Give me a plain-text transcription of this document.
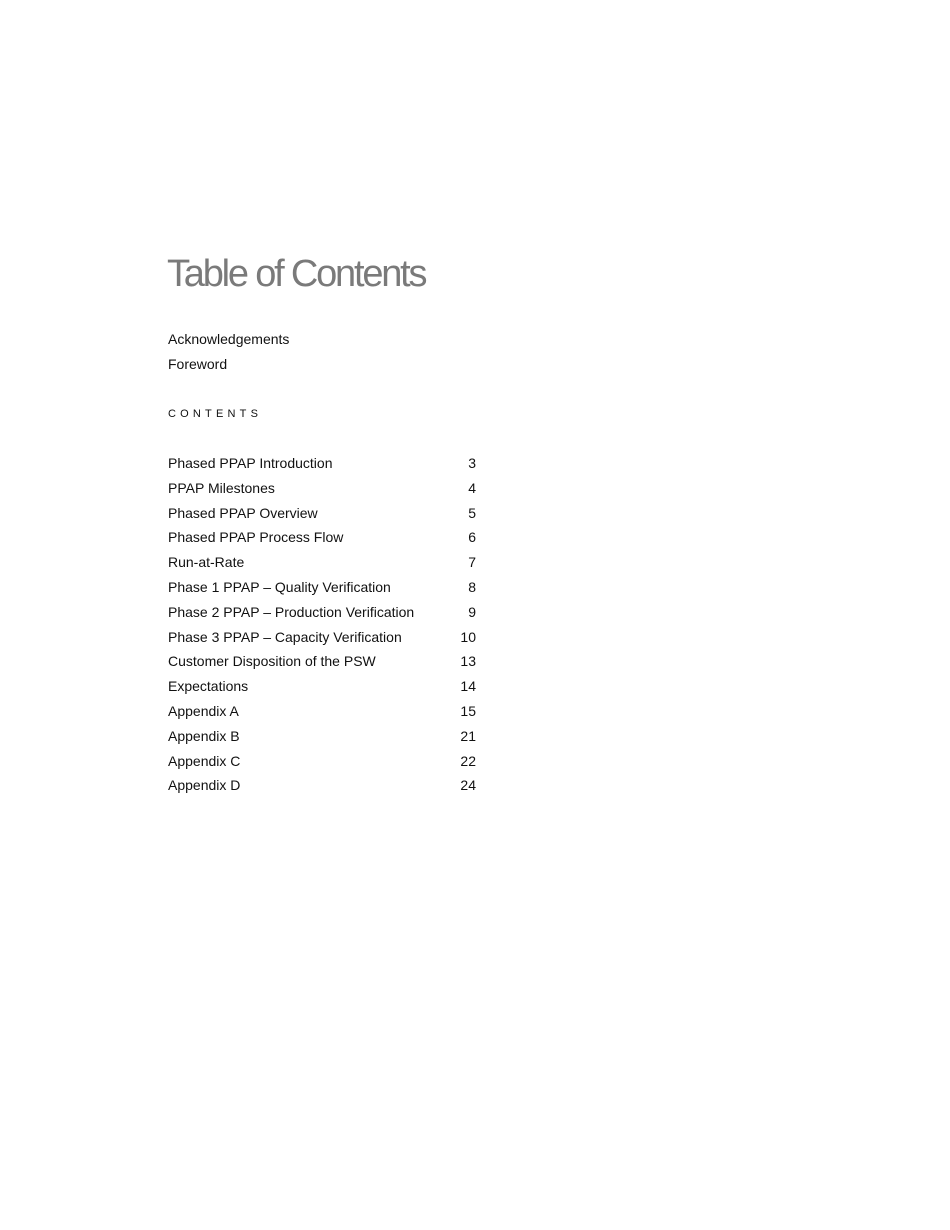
Table of Contents
Acknowledgements
Foreword
CONTENTS
Phased PPAP Introduction	3
PPAP Milestones	4
Phased PPAP Overview	5
Phased PPAP Process Flow	6
Run-at-Rate	7
Phase 1 PPAP – Quality Verification	8
Phase 2 PPAP – Production Verification	9
Phase 3 PPAP – Capacity Verification	10
Customer Disposition of the PSW	13
Expectations	14
Appendix A	15
Appendix B	21
Appendix C	22
Appendix D	24
